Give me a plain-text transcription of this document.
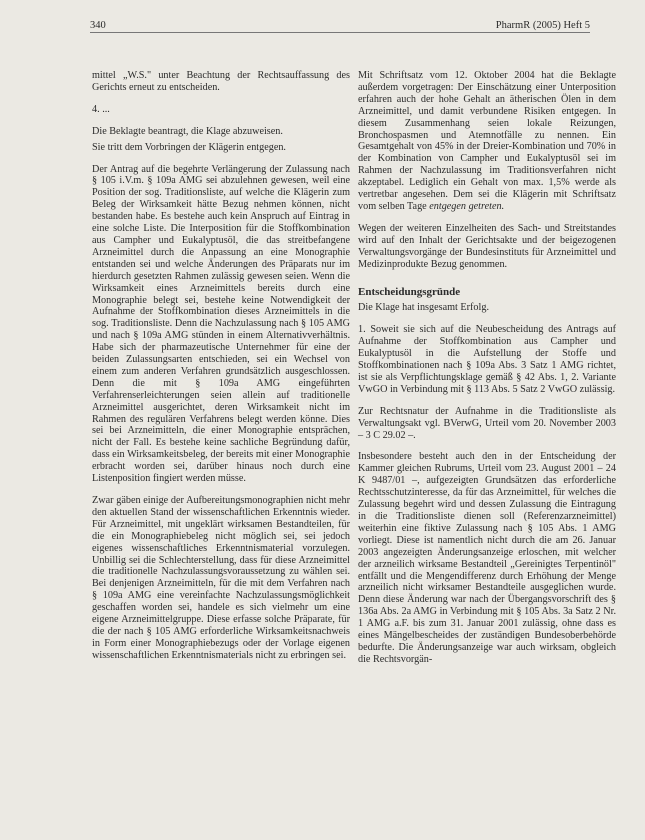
340	PharmR (2005) Heft 5

mittel „W.S." unter Beachtung der Rechtsauffassung des Gerichts erneut zu entscheiden.

4. ...

Die Beklagte beantragt, die Klage abzuweisen.

Sie tritt dem Vorbringen der Klägerin entgegen.

Der Antrag auf die begehrte Verlängerung der Zulassung nach § 105 i.V.m. § 109a AMG sei abzulehnen gewesen, weil eine Position der sog. Traditionsliste, auf welche die Klägerin zum Beleg der Wirksamkeit hätte Bezug nehmen können, nicht bestanden habe. Es bestehe auch kein Anspruch auf Eintrag in eine solche Liste. Die Interposition für die Stoffkombination aus Campher und Eukalyptusöl, die das streitbefangene Arzneimittel durch die Anpassung an eine Monographie entstanden sei und welche Änderungen des Präparats nur im hierdurch gesetzten Rahmen zulässig gewesen seien. Wenn die Wirksamkeit eines Arzneimittels bereits durch eine Monographie belegt sei, bestehe keine Notwendigkeit der Aufnahme der Stoffkombination dieses Arzneimittels in die sog. Traditionsliste. Denn die Nachzulassung nach § 105 AMG und nach § 109a AMG stünden in einem Alternativverhältnis. Habe sich der pharmazeutische Unternehmer für eine der beiden Zulassungsarten entschieden, sei ein Wechsel von einem zum anderen Verfahren grundsätzlich ausgeschlossen. Denn die mit § 109a AMG eingeführten Verfahrenserleichterungen seien allein auf traditionelle Arzneimittel ausgerichtet, deren Wirksamkeit nicht im Rahmen des regulären Verfahrens belegt werden könne. Dies sei bei Arzneimitteln, die einer Monographie entsprächen, nicht der Fall. Es bestehe keine sachliche Begründung dafür, dass ein Wirksamkeitsbeleg, der bereits mit einer Monographie erbracht worden sei, darüber hinaus noch durch eine Listenposition fingiert werden müsse.

Zwar gäben einige der Aufbereitungsmonographien nicht mehr den aktuellen Stand der wissenschaftlichen Erkenntnis wieder. Für Arzneimittel, mit ungeklärt wirksamen Bestandteilen, für die ein Monographiebeleg nicht möglich sei, sei jedoch eigenes wissenschaftliches Erkenntnismaterial vorzulegen. Unbillig sei die Schlechterstellung, dass für diese Arzneimittel die traditionelle Nachzulassungsvoraussetzung zu wählen sei. Bei denjenigen Arzneimitteln, für die mit dem Verfahren nach § 109a AMG eine vereinfachte Nachzulassungsmöglichkeit geschaffen worden sei, handele es sich vielmehr um eine eigene Arzneimittelgruppe. Diese erfasse solche Präparate, für die der nach § 105 AMG erforderliche Wirksamkeitsnachweis in Form einer Monographiebezugs oder der Vorlage eigenen wissenschaftlichen Erkenntnismaterials nicht zu erbringen sei.

Mit Schriftsatz vom 12. Oktober 2004 hat die Beklagte außerdem vorgetragen: Der Einschätzung einer Unterposition erfahren auch der hohe Gehalt an ätherischen Ölen in dem Arzneimittel, und damit verbundene Risiken entgegen. In diesem Zusammenhang seien lokale Reizungen, Bronchospasmen und Atemnotfälle zu nennen. Ein Gesamtgehalt von 45% in der Dreier-Kombination und 70% in der Kombination von Campher und Eukalyptusöl sei im Rahmen der Nachzulassung im Traditionsverfahren nicht akzeptabel. Lediglich ein Gehalt von max. 1,5% werde als vertretbar angesehen. Dem sei die Klägerin mit Schriftsatz vom selben Tage entgegen getreten.

Wegen der weiteren Einzelheiten des Sach- und Streitstandes wird auf den Inhalt der Gerichtsakte und der beigezogenen Verwaltungsvorgänge der Bundesinstituts für Arzneimittel und Medizinprodukte Bezug genommen.

Entscheidungsgründe

Die Klage hat insgesamt Erfolg.

1. Soweit sie sich auf die Neubescheidung des Antrags auf Aufnahme der Stoffkombination aus Campher und Eukalyptusöl in die Aufstellung der Stoffe und Stoffkombinationen nach § 109a Abs. 3 Satz 1 AMG richtet, ist sie als Verpflichtungsklage gemäß § 42 Abs. 1, 2. Variante VwGO in Verbindung mit § 113 Abs. 5 Satz 2 VwGO zulässig.

Zur Rechtsnatur der Aufnahme in die Traditionsliste als Verwaltungsakt vgl. BVerwG, Urteil vom 20. November 2003 – 3 C 29.02 –.

Insbesondere besteht auch den in der Entscheidung der Kammer gleichen Rubrums, Urteil vom 23. August 2001 – 24 K 9487/01 –, aufgezeigten Grundsätzen das erforderliche Rechtsschutzinteresse, da für das Arzneimittel, für welches die Zulassung begehrt wird und dessen Zulassung die Eintragung in die Traditionsliste dienen soll (Referenzarzneimittel) weiterhin eine fiktive Zulassung nach § 105 Abs. 1 AMG vorliegt. Diese ist namentlich nicht durch die am 26. Januar 2003 angezeigten Änderungsanzeige erloschen, mit welcher der arzneilich wirksame Bestandteil „Gereinigtes Terpentinöl" entfällt und die Mengendifferenz durch Erhöhung der Menge arzneilich nicht wirksamer Bestandteile ausgeglichen wurde. Denn diese Änderung war nach der Übergangsvorschrift des § 136a Abs. 2a AMG in Verbindung mit § 105 Abs. 3a Satz 2 Nr. 1 AMG a.F. bis zum 31. Januar 2001 zulässig, ohne dass es eines Mängelbescheides der zuständigen Bundesoberbehörde bedurfte. Die Änderungsanzeige war auch wirksam, obgleich die Rechtsvorgän-
